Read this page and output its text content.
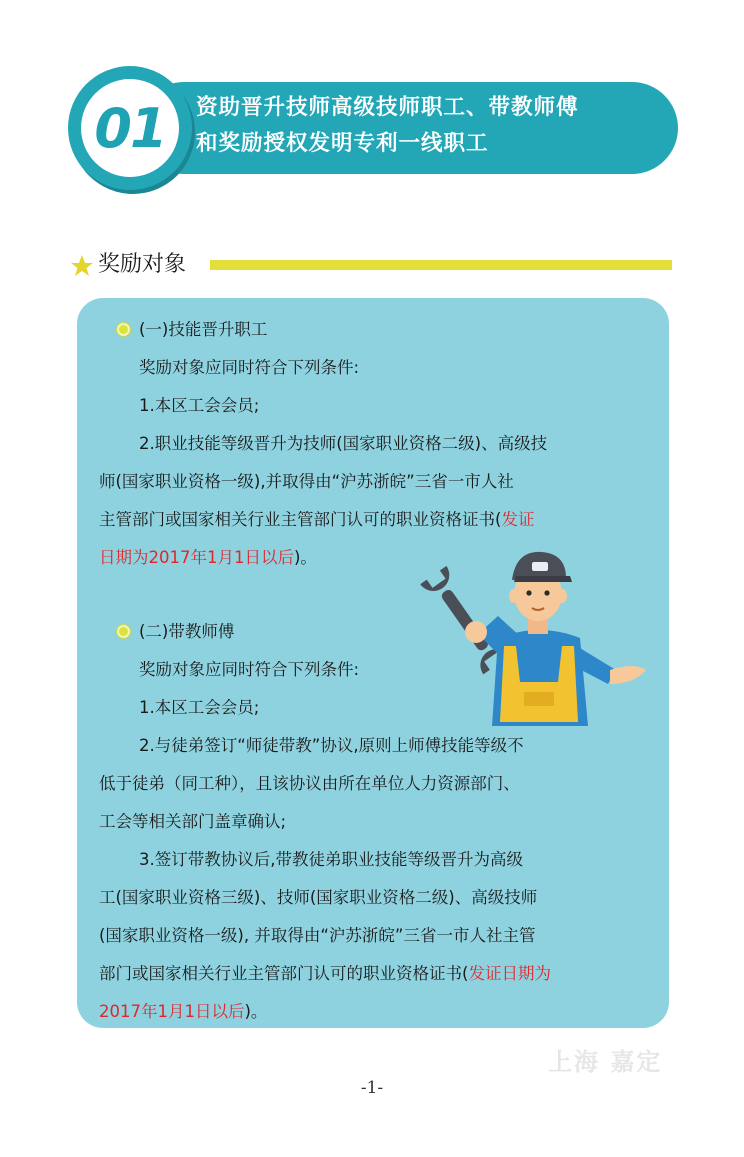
01 资助晋升技师高级技师职工、带教师傅
和奖励授权发明专利一线职工
奖励对象
(一)技能晋升职工
奖励对象应同时符合下列条件:
1.本区工会会员;
2.职业技能等级晋升为技师(国家职业资格二级)、高级技
师(国家职业资格一级),并取得由“沪苏浙皖”三省一市人社
主管部门或国家相关行业主管部门认可的职业资格证书(发证
日期为2017年1月1日以后)。
(二)带教师傅
奖励对象应同时符合下列条件:
1.本区工会会员;
2.与徒弟签订“师徒带教”协议,原则上师傅技能等级不
低于徒弟（同工种），且该协议由所在单位人力资源部门、
工会等相关部门盖章确认;
3.签订带教协议后,带教徒弟职业技能等级晋升为高级
工(国家职业资格三级)、技师(国家职业资格二级)、高级技师
(国家职业资格一级), 并取得由“沪苏浙皖”三省一市人社主管
部门或国家相关行业主管部门认可的职业资格证书(发证日期为
2017年1月1日以后)。
上海 嘉定
-1-
